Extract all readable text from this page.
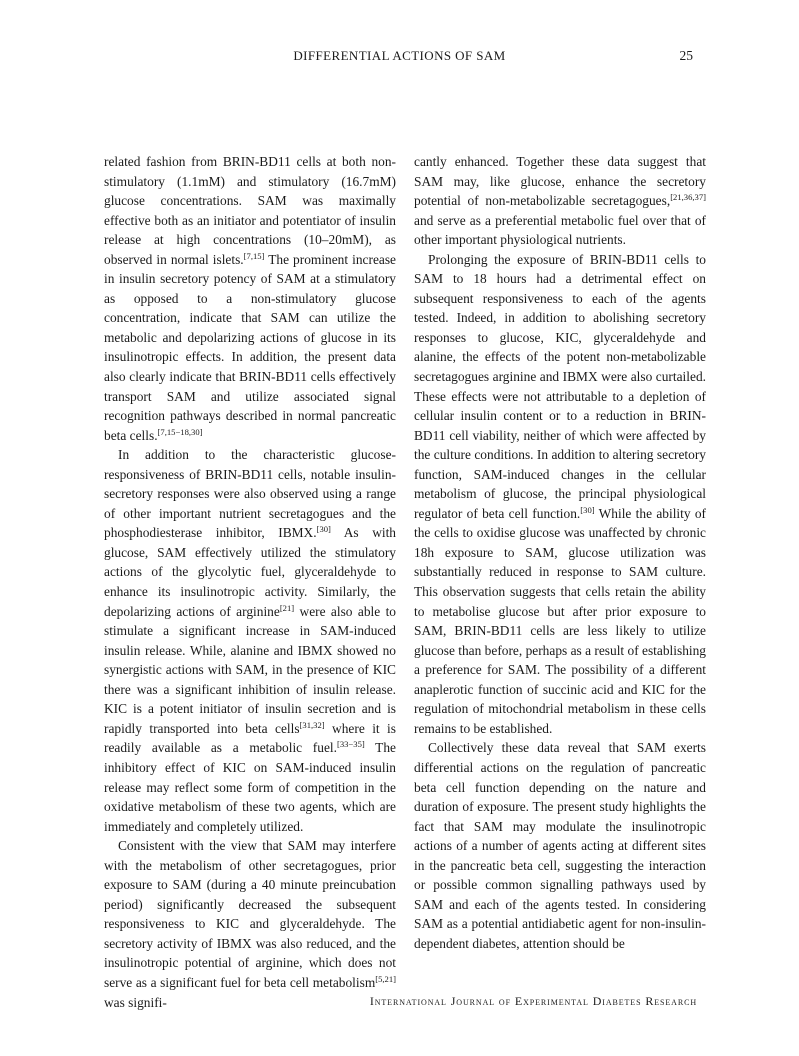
DIFFERENTIAL ACTIONS OF SAM	25

related fashion from BRIN-BD11 cells at both non-stimulatory (1.1mM) and stimulatory (16.7mM) glucose concentrations. SAM was maximally effective both as an initiator and potentiator of insulin release at high concentrations (10–20mM), as observed in normal islets.[7,15] The prominent increase in insulin secretory potency of SAM at a stimulatory as opposed to a non-stimulatory glucose concentration, indicate that SAM can utilize the metabolic and depolarizing actions of glucose in its insulinotropic effects. In addition, the present data also clearly indicate that BRIN-BD11 cells effectively transport SAM and utilize associated signal recognition pathways described in normal pancreatic beta cells.[7,15−18,30]

In addition to the characteristic glucose-responsiveness of BRIN-BD11 cells, notable insulin-secretory responses were also observed using a range of other important nutrient secretagogues and the phosphodiesterase inhibitor, IBMX.[30] As with glucose, SAM effectively utilized the stimulatory actions of the glycolytic fuel, glyceraldehyde to enhance its insulinotropic activity. Similarly, the depolarizing actions of arginine[21] were also able to stimulate a significant increase in SAM-induced insulin release. While, alanine and IBMX showed no synergistic actions with SAM, in the presence of KIC there was a significant inhibition of insulin release. KIC is a potent initiator of insulin secretion and is rapidly transported into beta cells[31,32] where it is readily available as a metabolic fuel.[33−35] The inhibitory effect of KIC on SAM-induced insulin release may reflect some form of competition in the oxidative metabolism of these two agents, which are immediately and completely utilized.

Consistent with the view that SAM may interfere with the metabolism of other secretagogues, prior exposure to SAM (during a 40 minute preincubation period) significantly decreased the subsequent responsiveness to KIC and glyceraldehyde. The secretory activity of IBMX was also reduced, and the insulinotropic potential of arginine, which does not serve as a significant fuel for beta cell metabolism[5,21] was signifi-

cantly enhanced. Together these data suggest that SAM may, like glucose, enhance the secretory potential of non-metabolizable secretagogues,[21,36,37] and serve as a preferential metabolic fuel over that of other important physiological nutrients.

Prolonging the exposure of BRIN-BD11 cells to SAM to 18 hours had a detrimental effect on subsequent responsiveness to each of the agents tested. Indeed, in addition to abolishing secretory responses to glucose, KIC, glyceraldehyde and alanine, the effects of the potent non-metabolizable secretagogues arginine and IBMX were also curtailed. These effects were not attributable to a depletion of cellular insulin content or to a reduction in BRIN-BD11 cell viability, neither of which were affected by the culture conditions. In addition to altering secretory function, SAM-induced changes in the cellular metabolism of glucose, the principal physiological regulator of beta cell function.[30] While the ability of the cells to oxidise glucose was unaffected by chronic 18h exposure to SAM, glucose utilization was substantially reduced in response to SAM culture. This observation suggests that cells retain the ability to metabolise glucose but after prior exposure to SAM, BRIN-BD11 cells are less likely to utilize glucose than before, perhaps as a result of establishing a preference for SAM. The possibility of a different anaplerotic function of succinic acid and KIC for the regulation of mitochondrial metabolism in these cells remains to be established.

Collectively these data reveal that SAM exerts differential actions on the regulation of pancreatic beta cell function depending on the nature and duration of exposure. The present study highlights the fact that SAM may modulate the insulinotropic actions of a number of agents acting at different sites in the pancreatic beta cell, suggesting the interaction or possible common signalling pathways used by SAM and each of the agents tested. In considering SAM as a potential antidiabetic agent for non-insulin-dependent diabetes, attention should be

International Journal of Experimental Diabetes Research
